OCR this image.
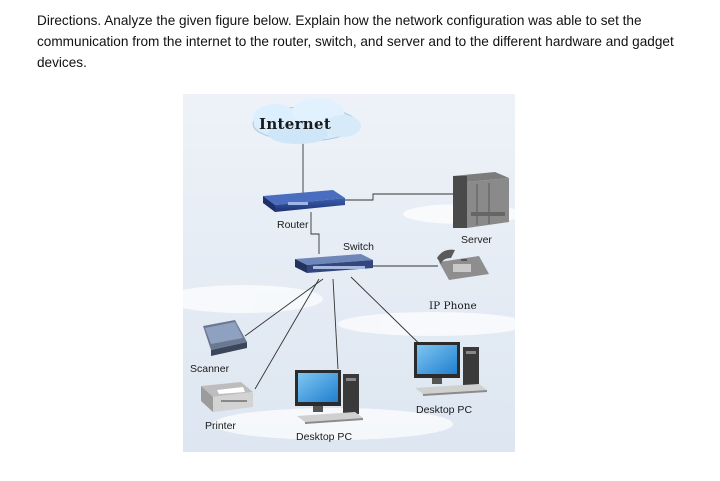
Directions. Analyze the given figure below. Explain how the network configuration was able to set the communication from the internet to the router, switch, and server and to the different hardware and gadget devices.

Internet
Router
Switch
Server
IP Phone
Scanner
Printer
Desktop PC
Desktop PC
